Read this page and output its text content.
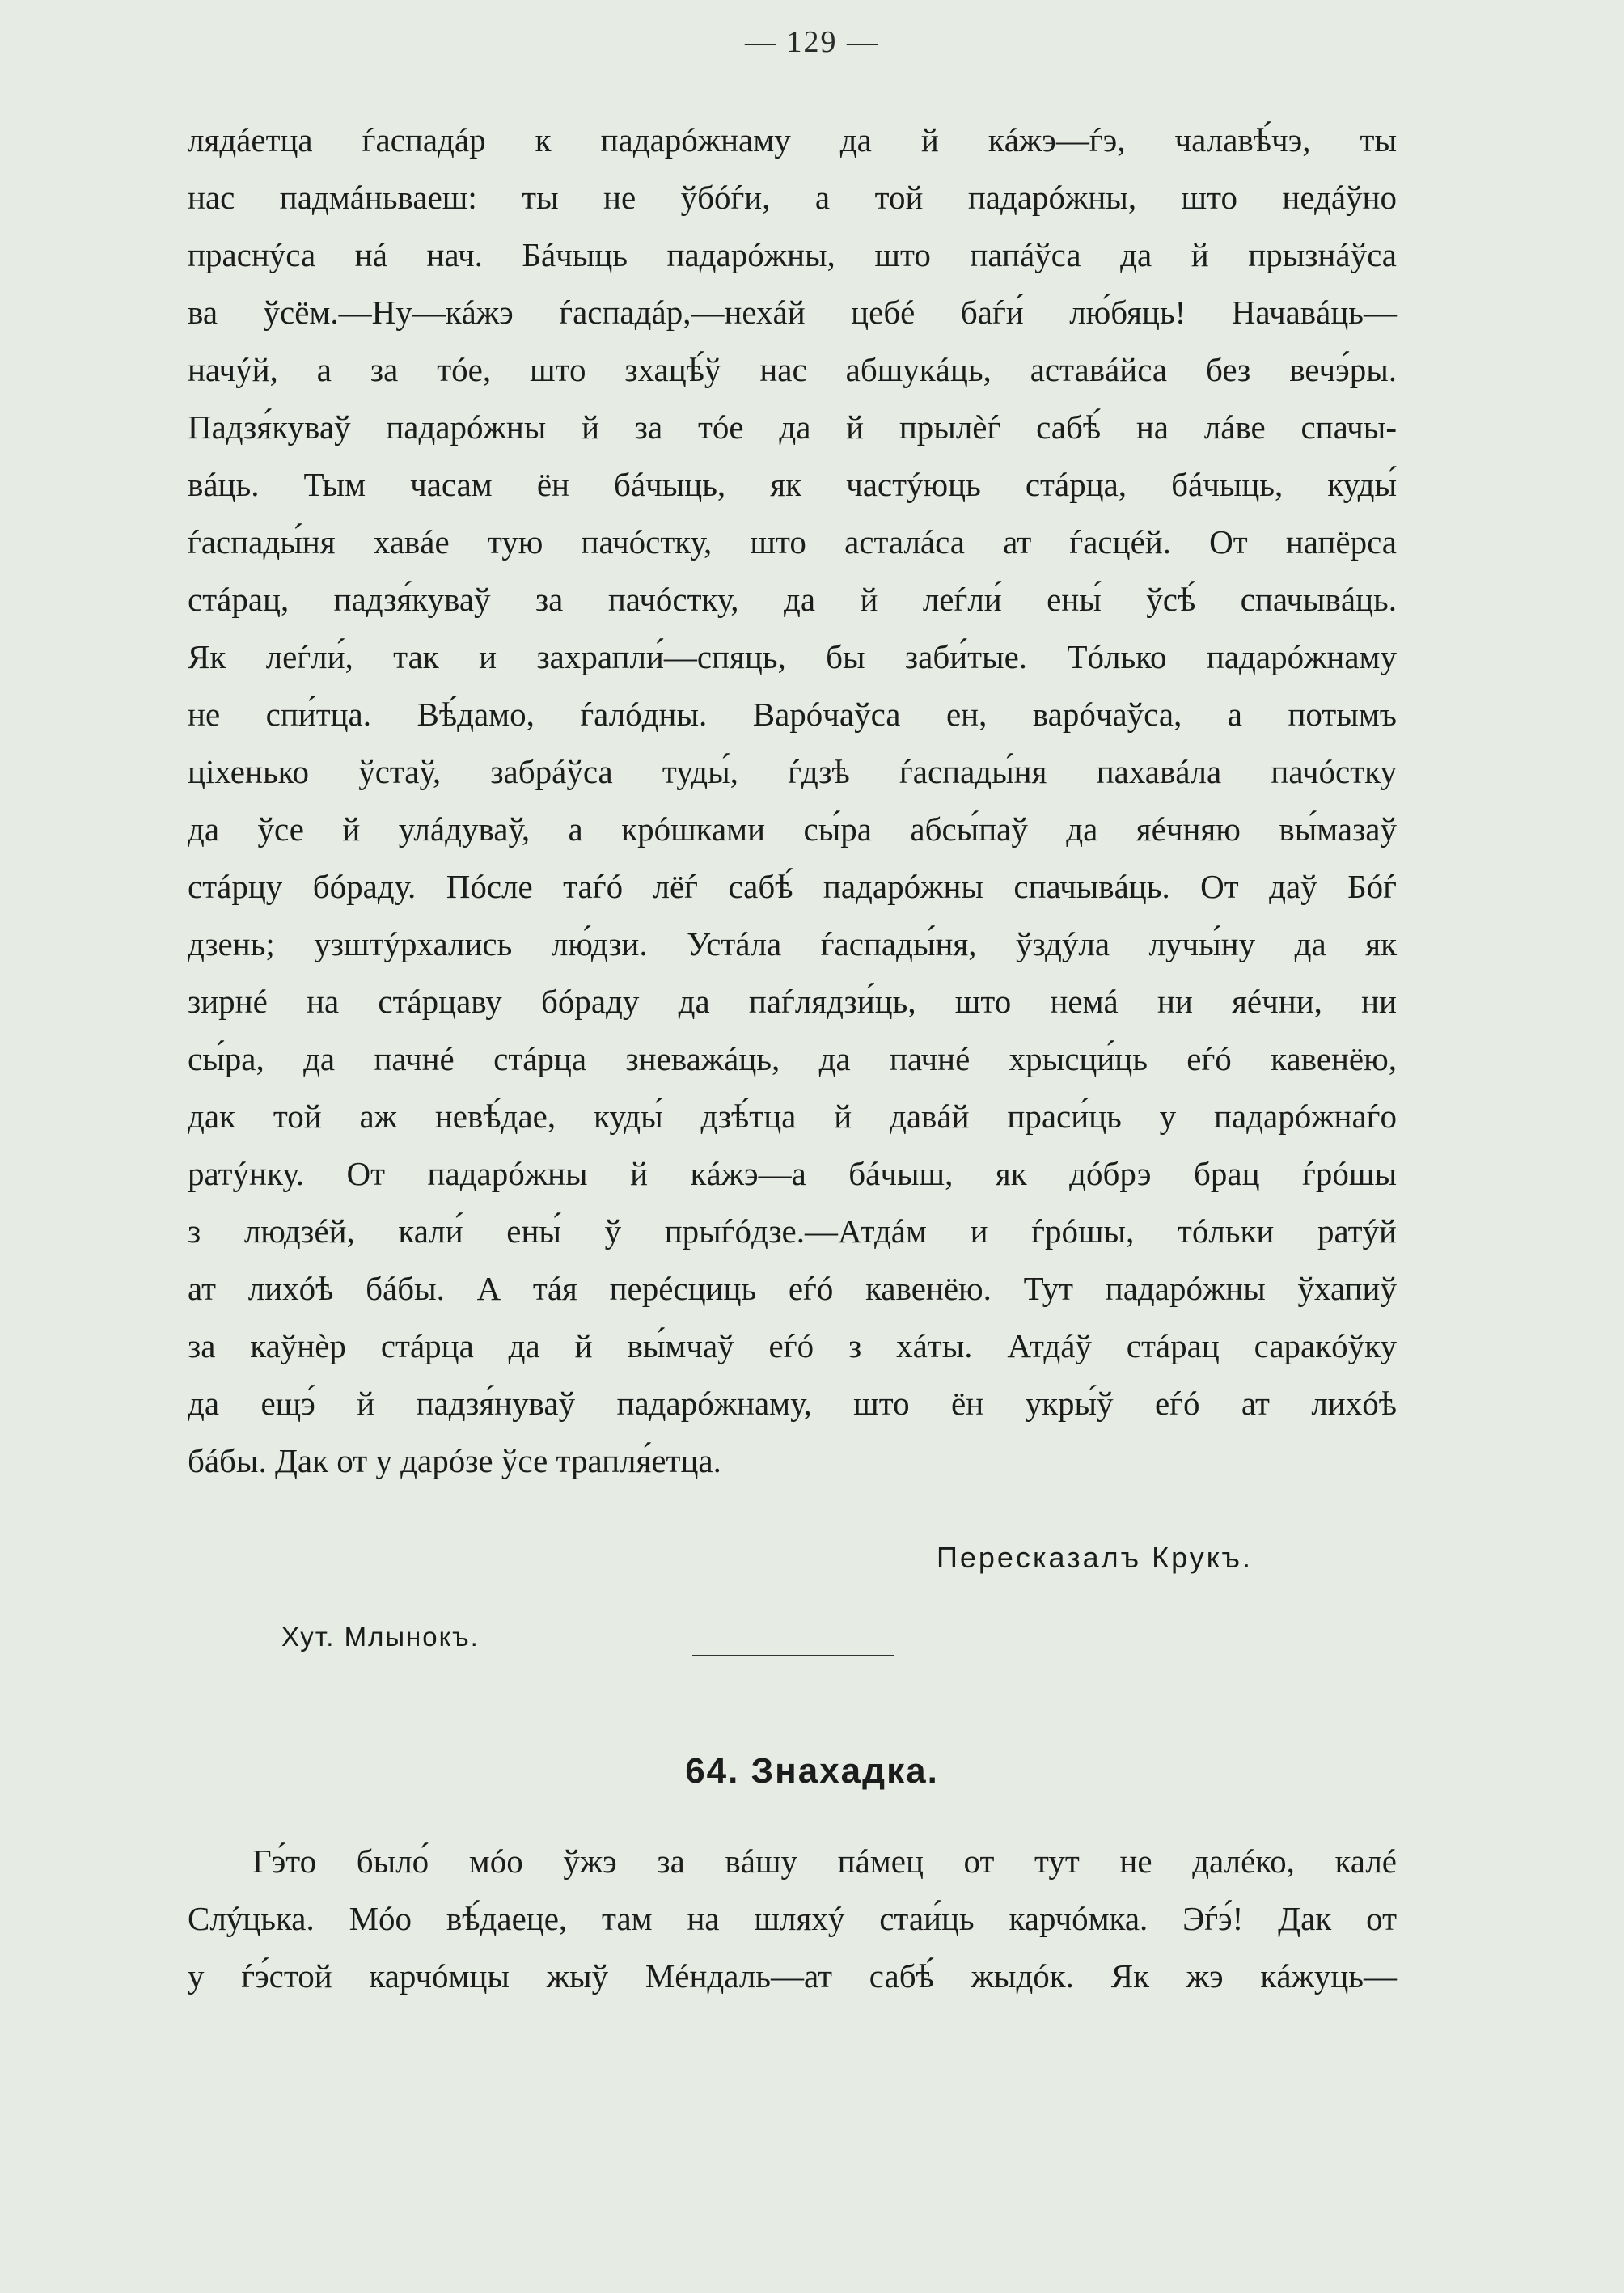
— 129 —
лядáетца ѓаспадáр к падарóжнаму да й кáжэ—ѓэ, чалавѣ́чэ, ты
нас падмáньваеш: ты не ўбóѓи, а той падарóжны, што недáўно
праснýса нá нач. Бáчыць падарóжны, што папáўса да й прызнáўса
ва ўсём.—Ну—кáжэ ѓаспадáр,—нехáй цебé баѓи́ лю́бяць! Начавáць—
начýй, а за тóе, што зхацѣ́ў нас абшукáць, аставáйса без вечэ́ры.
Падзя́куваў падарóжны й за тóе да й прылѐѓ сабѣ́ на лáве спачы-
вáць. Тым часам ён бáчыць, як частýюць стáрца, бáчыць, куды́
ѓаспады́ня хавáе тую пачóстку, што асталáса ат ѓасцéй. От напёрса
стáрац, падзя́куваў за пачóстку, да й леѓли́ ены́ ўсѣ́ спачывáць.
Як леѓли́, так и захрапли́—спяць, бы заби́тые. Тóлько падарóжнаму
не спи́тца. Вѣ́дамо, ѓалóдны. Варóчаўса ен, варóчаўса, а потымъ
ціхенько ўстаў, забрáўса туды́, ѓдзѣ ѓаспады́ня пахавáла пачóстку
да ўсе й улáдуваў, а крóшками сы́ра абсы́паў да яéчняю вы́мазаў
стáрцу бóраду. Пóсле таѓó лёѓ сабѣ́ падарóжны спачывáць. От даў Бóѓ
дзень; узштýрхались лю́дзи. Устáла ѓаспады́ня, ўздýла лучы́ну да як
зирнé на стáрцаву бóраду да паѓлядзи́ць, што немá ни яéчни, ни
сы́ра, да пачнé стáрца зневажáць, да пачнé хрысци́ць еѓó кавенёю,
дак той аж невѣ́дае, куды́ дзѣ́тца й давáй праси́ць у падарóжнаѓо
ратýнку. От падарóжны й кáжэ—а бáчыш, як дóбрэ брац ѓрóшы
з людзéй, кали́ ены́ ў прыѓóдзе.—Атдáм и ѓрóшы, тóльки ратýй
ат лихóѣ бáбы. А тáя перéсциць еѓó кавенёю. Тут падарóжны ўхапиў
за каўнѐр стáрца да й вы́мчаў еѓó з хáты. Атдáў стáрац саракóўку
да ещэ́ й падзя́нуваў падарóжнаму, што ён укры́ў еѓó ат лихóѣ
бáбы. Дак от у дарóзе ўсе трапля́етца.
Пересказалъ Крукъ.
Хут. Млынокъ.
64. Знахадка.
Гэ́то было́ мóо ўжэ за вáшу пáмец от тут не далéко, калé
Слýцька. Мóо вѣ́даеце, там на шляхý стаи́ць карчóмка. Эѓэ́! Дак от
у ѓэ́стой карчóмцы жыў Мéндаль—ат сабѣ́ жыдóк. Як жэ кáжуць—
